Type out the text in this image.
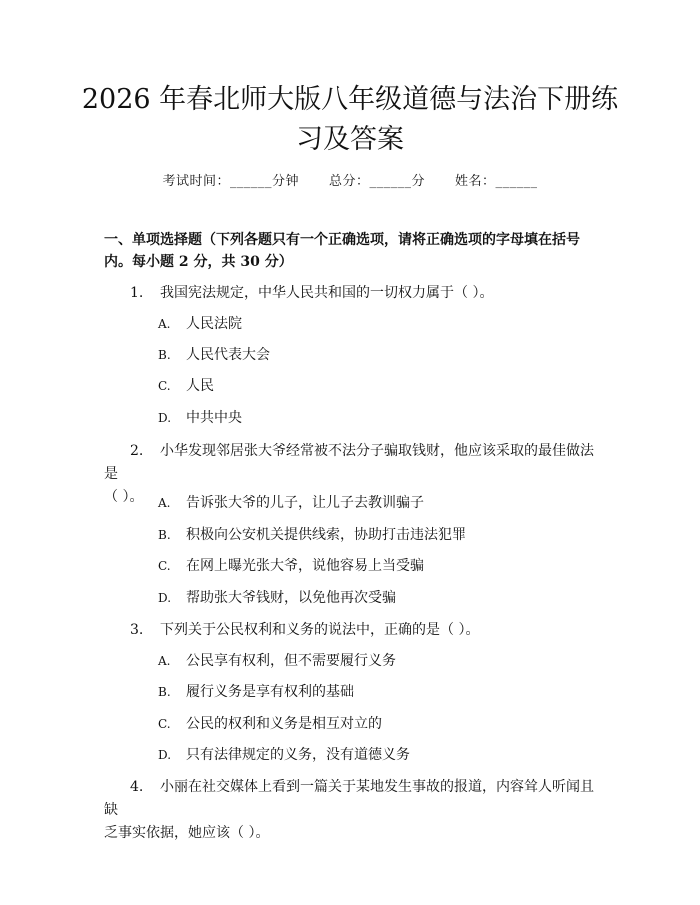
2026 年春北师大版八年级道德与法治下册练
习及答案
考试时间：______分钟 总分：______分 姓名：______
一、单项选择题（下列各题只有一个正确选项，请将正确选项的字母填在括号
内。每小题 2 分，共 30 分）
1. 我国宪法规定，中华人民共和国的一切权力属于（ ）。
A. 人民法院
B. 人民代表大会
C. 人民
D. 中共中央
2. 小华发现邻居张大爷经常被不法分子骗取钱财，他应该采取的最佳做法是
（ ）。	A. 告诉张大爷的儿子，让儿子去教训骗子
B. 积极向公安机关提供线索，协助打击违法犯罪
C. 在网上曝光张大爷，说他容易上当受骗
D. 帮助张大爷钱财，以免他再次受骗
3. 下列关于公民权利和义务的说法中，正确的是（ ）。
A. 公民享有权利，但不需要履行义务
B. 履行义务是享有权利的基础
C. 公民的权利和义务是相互对立的
D. 只有法律规定的义务，没有道德义务
4. 小丽在社交媒体上看到一篇关于某地发生事故的报道，内容耸人听闻且缺
乏事实依据，她应该（ ）。
